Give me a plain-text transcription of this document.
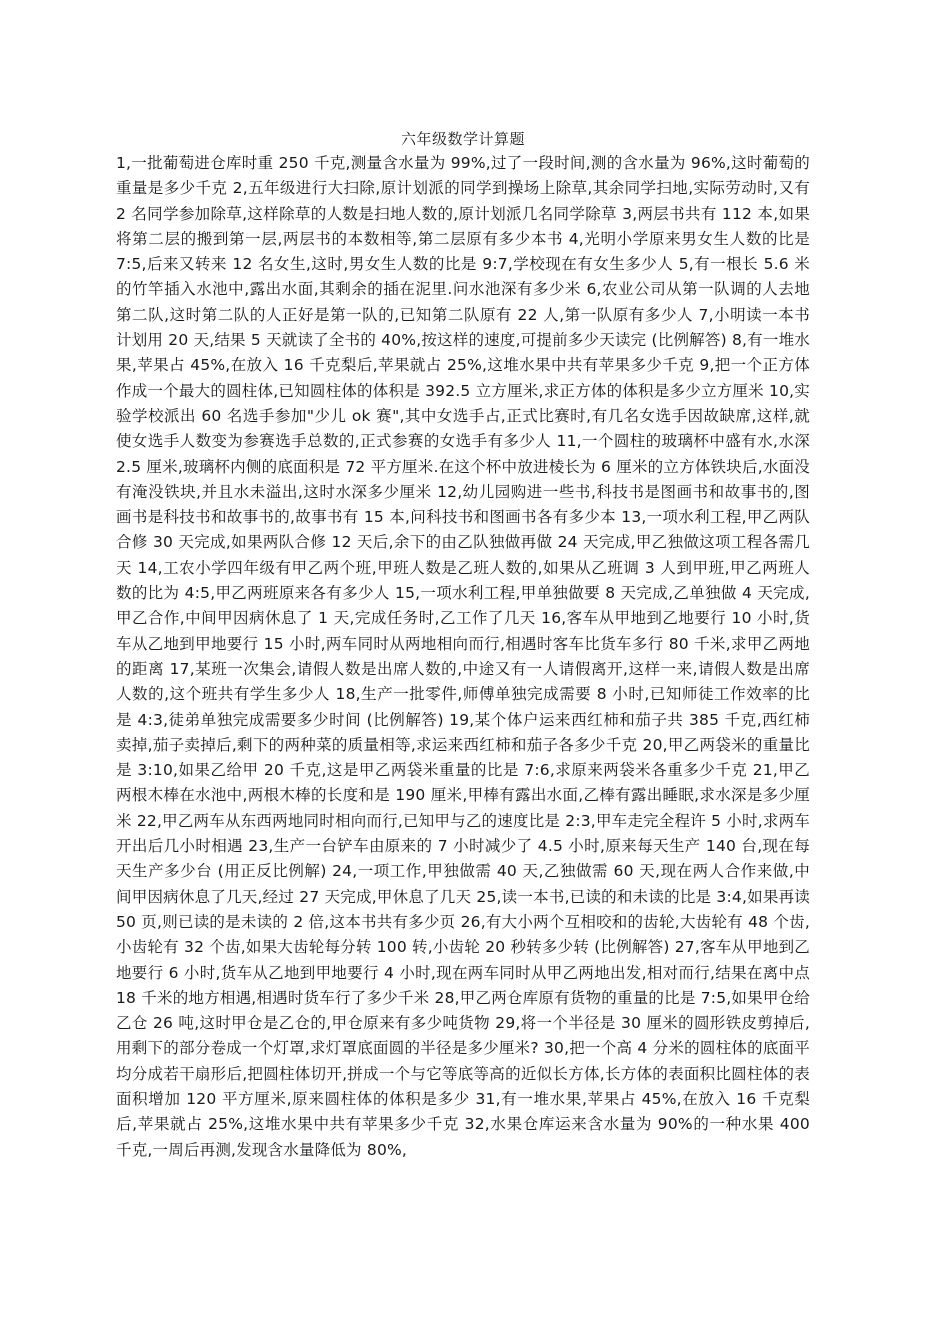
六年级数学计算题

1,一批葡萄进仓库时重 250 千克,测量含水量为 99%,过了一段时间,测的含水量为 96%,这时葡萄的重量是多少千克 2,五年级进行大扫除,原计划派的同学到操场上除草,其余同学扫地,实际劳动时,又有 2 名同学参加除草,这样除草的人数是扫地人数的,原计划派几名同学除草 3,两层书共有 112 本,如果将第二层的搬到第一层,两层书的本数相等,第二层原有多少本书 4,光明小学原来男女生人数的比是 7:5,后来又转来 12 名女生,这时,男女生人数的比是 9:7,学校现在有女生多少人 5,有一根长 5.6 米的竹竿插入水池中,露出水面,其剩余的插在泥里.问水池深有多少米 6,农业公司从第一队调的人去地第二队,这时第二队的人正好是第一队的,已知第二队原有 22 人,第一队原有多少人 7,小明读一本书计划用 20 天,结果 5 天就读了全书的 40%,按这样的速度,可提前多少天读完 (比例解答) 8,有一堆水果,苹果占 45%,在放入 16 千克梨后,苹果就占 25%,这堆水果中共有苹果多少千克 9,把一个正方体作成一个最大的圆柱体,已知圆柱体的体积是 392.5 立方厘米,求正方体的体积是多少立方厘米 10,实验学校派出 60 名选手参加"少儿 ok 赛",其中女选手占,正式比赛时,有几名女选手因故缺席,这样,就使女选手人数变为参赛选手总数的,正式参赛的女选手有多少人 11,一个圆柱的玻璃杯中盛有水,水深 2.5 厘米,玻璃杯内侧的底面积是 72 平方厘米.在这个杯中放进棱长为 6 厘米的立方体铁块后,水面没有淹没铁块,并且水未溢出,这时水深多少厘米 12,幼儿园购进一些书,科技书是图画书和故事书的,图画书是科技书和故事书的,故事书有 15 本,问科技书和图画书各有多少本 13,一项水利工程,甲乙两队合修 30 天完成,如果两队合修 12 天后,余下的由乙队独做再做 24 天完成,甲乙独做这项工程各需几天 14,工农小学四年级有甲乙两个班,甲班人数是乙班人数的,如果从乙班调 3 人到甲班,甲乙两班人数的比为 4:5,甲乙两班原来各有多少人 15,一项水利工程,甲单独做要 8 天完成,乙单独做 4 天完成,甲乙合作,中间甲因病休息了 1 天,完成任务时,乙工作了几天 16,客车从甲地到乙地要行 10 小时,货车从乙地到甲地要行 15 小时,两车同时从两地相向而行,相遇时客车比货车多行 80 千米,求甲乙两地的距离 17,某班一次集会,请假人数是出席人数的,中途又有一人请假离开,这样一来,请假人数是出席人数的,这个班共有学生多少人 18,生产一批零件,师傅单独完成需要 8 小时,已知师徒工作效率的比是 4:3,徒弟单独完成需要多少时间 (比例解答) 19,某个体户运来西红柿和茄子共 385 千克,西红柿卖掉,茄子卖掉后,剩下的两种菜的质量相等,求运来西红柿和茄子各多少千克 20,甲乙两袋米的重量比是 3:10,如果乙给甲 20 千克,这是甲乙两袋米重量的比是 7:6,求原来两袋米各重多少千克 21,甲乙两根木棒在水池中,两根木棒的长度和是 190 厘米,甲棒有露出水面,乙棒有露出睡眠,求水深是多少厘米 22,甲乙两车从东西两地同时相向而行,已知甲与乙的速度比是 2:3,甲车走完全程许 5 小时,求两车开出后几小时相遇 23,生产一台铲车由原来的 7 小时减少了 4.5 小时,原来每天生产 140 台,现在每天生产多少台 (用正反比例解) 24,一项工作,甲独做需 40 天,乙独做需 60 天,现在两人合作来做,中间甲因病休息了几天,经过 27 天完成,甲休息了几天 25,读一本书,已读的和未读的比是 3:4,如果再读 50 页,则已读的是未读的 2 倍,这本书共有多少页 26,有大小两个互相咬和的齿轮,大齿轮有 48 个齿,小齿轮有 32 个齿,如果大齿轮每分转 100 转,小齿轮 20 秒转多少转 (比例解答) 27,客车从甲地到乙地要行 6 小时,货车从乙地到甲地要行 4 小时,现在两车同时从甲乙两地出发,相对而行,结果在离中点 18 千米的地方相遇,相遇时货车行了多少千米 28,甲乙两仓库原有货物的重量的比是 7:5,如果甲仓给乙仓 26 吨,这时甲仓是乙仓的,甲仓原来有多少吨货物 29,将一个半径是 30 厘米的圆形铁皮剪掉后,用剩下的部分卷成一个灯罩,求灯罩底面圆的半径是多少厘米? 30,把一个高 4 分米的圆柱体的底面平均分成若干扇形后,把圆柱体切开,拼成一个与它等底等高的近似长方体,长方体的表面积比圆柱体的表面积增加 120 平方厘米,原来圆柱体的体积是多少 31,有一堆水果,苹果占 45%,在放入 16 千克梨后,苹果就占 25%,这堆水果中共有苹果多少千克 32,水果仓库运来含水量为 90%的一种水果 400 千克,一周后再测,发现含水量降低为 80%,
